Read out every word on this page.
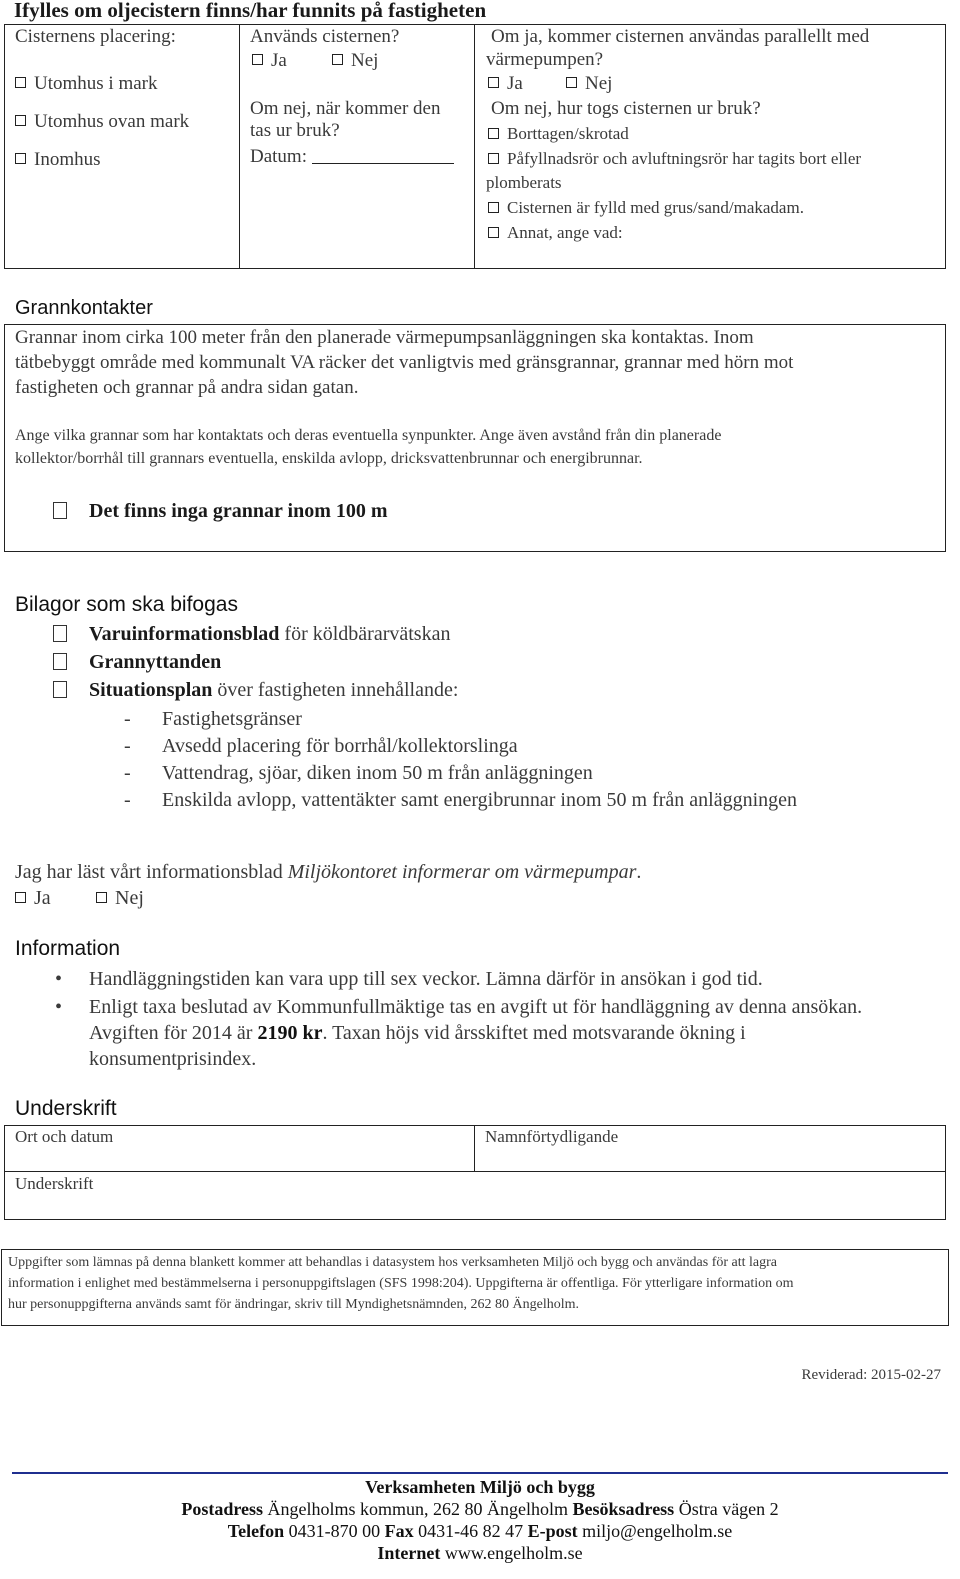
Ifylles om oljecistern finns/har funnits på fastigheten
Cisternens placering:
Utomhus i mark
Utomhus ovan mark
Inomhus
Används cisternen?
Ja	Nej
Om nej, när kommer den
tas ur bruk?
Datum:
Om ja, kommer cisternen användas parallellt med
värmepumpen?
Ja	Nej
Om nej, hur togs cisternen ur bruk?
Borttagen/skrotad
Påfyllnadsrör och avluftningsrör har tagits bort eller
plomberats
Cisternen är fylld med grus/sand/makadam.
Annat, ange vad:
Grannkontakter
Grannar inom cirka 100 meter från den planerade värmepumpsanläggningen ska kontaktas. Inom
tätbebyggt område med kommunalt VA räcker det vanligtvis med gränsgrannar, grannar med hörn mot
fastigheten och grannar på andra sidan gatan.
Ange vilka grannar som har kontaktats och deras eventuella synpunkter. Ange även avstånd från din planerade
kollektor/borrhål till grannars eventuella, enskilda avlopp, dricksvattenbrunnar och energibrunnar.
Det finns inga grannar inom 100 m
Bilagor som ska bifogas
Varuinformationsblad för köldbärarvätskan
Grannyttanden
Situationsplan över fastigheten innehållande:
- Fastighetsgränser
- Avsedd placering för borrhål/kollektorslinga
- Vattendrag, sjöar, diken inom 50 m från anläggningen
- Enskilda avlopp, vattentäkter samt energibrunnar inom 50 m från anläggningen
Jag har läst vårt informationsblad Miljökontoret informerar om värmepumpar.
Ja	Nej
Information
• Handläggningstiden kan vara upp till sex veckor. Lämna därför in ansökan i god tid.
• Enligt taxa beslutad av Kommunfullmäktige tas en avgift ut för handläggning av denna ansökan.
Avgiften för 2014 är 2190 kr. Taxan höjs vid årsskiftet med motsvarande ökning i
konsumentprisindex.
Underskrift
Ort och datum	Namnförtydligande
Underskrift
Uppgifter som lämnas på denna blankett kommer att behandlas i datasystem hos verksamheten Miljö och bygg och användas för att lagra
information i enlighet med bestämmelserna i personuppgiftslagen (SFS 1998:204). Uppgifterna är offentliga. För ytterligare information om
hur personuppgifterna används samt för ändringar, skriv till Myndighetsnämnden, 262 80 Ängelholm.
Reviderad: 2015-02-27
Verksamheten Miljö och bygg
Postadress Ängelholms kommun, 262 80 Ängelholm Besöksadress Östra vägen 2
Telefon 0431-870 00 Fax 0431-46 82 47 E-post miljo@engelholm.se
Internet www.engelholm.se
